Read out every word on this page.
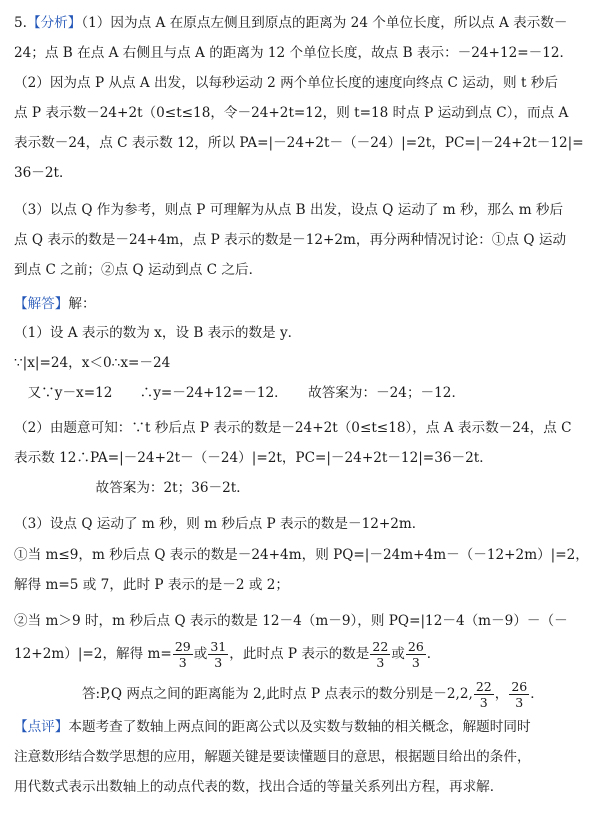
5.【分析】（1）因为点 A 在原点左侧且到原点的距离为 24 个单位长度，所以点 A 表示数－
24；点 B 在点 A 右侧且与点 A 的距离为 12 个单位长度，故点 B 表示：－24+12=－12．
（2）因为点 P 从点 A 出发，以每秒运动 2 两个单位长度的速度向终点 C 运动，则 t 秒后
点 P 表示数－24+2t（0≤t≤18，令－24+2t=12，则 t=18 时点 P 运动到点 C），而点 A
表示数－24，点 C 表示数 12，所以 PA=|－24+2t－（－24）|=2t，PC=|－24+2t－12|=
36－2t．
（3）以点 Q 作为参考，则点 P 可理解为从点 B 出发，设点 Q 运动了 m 秒，那么 m 秒后
点 Q 表示的数是－24+4m，点 P 表示的数是－12+2m，再分两种情况讨论：①点 Q 运动
到点 C 之前；②点 Q 运动到点 C 之后．
【解答】解：
（1）设 A 表示的数为 x，设 B 表示的数是 y．
∵|x|=24，x＜0∴x=－24
　又∵y－x=12　　∴y=－24+12=－12．　　故答案为：－24；－12．
（2）由题意可知：∵t 秒后点 P 表示的数是－24+2t（0≤t≤18），点 A 表示数－24，点 C
表示数 12∴PA=|－24+2t－（－24）|=2t，PC=|－24+2t－12|=36－2t．
　　　　　　故答案为：2t；36－2t．
（3）设点 Q 运动了 m 秒，则 m 秒后点 P 表示的数是－12+2m．
①当 m≤9，m 秒后点 Q 表示的数是－24+4m，则 PQ=|－24m+4m－（－12+2m）|=2，
解得 m=5 或 7，此时 P 表示的是－2 或 2；
②当 m＞9 时，m 秒后点 Q 表示的数是 12－4（m－9），则 PQ=|12－4（m－9）－（－
12+2m）|=2，解得 $m= \frac{29}{3}$ 或 $\frac{31}{3}$ ，此时点 P 表示的数是 $\frac{22}{3}$ 或 $\frac{26}{3}$ ．
　　　　　答:P,Q 两点之间的距离能为 2,此时点 P 点表示的数分别是－2,2, $\frac{22}{3}$ ， $\frac{26}{3}$ ．
【点评】本题考查了数轴上两点间的距离公式以及实数与数轴的相关概念，解题时同时
注意数形结合数学思想的应用，解题关键是要读懂题目的意思，根据题目给出的条件，
用代数式表示出数轴上的动点代表的数，找出合适的等量关系列出方程，再求解．
